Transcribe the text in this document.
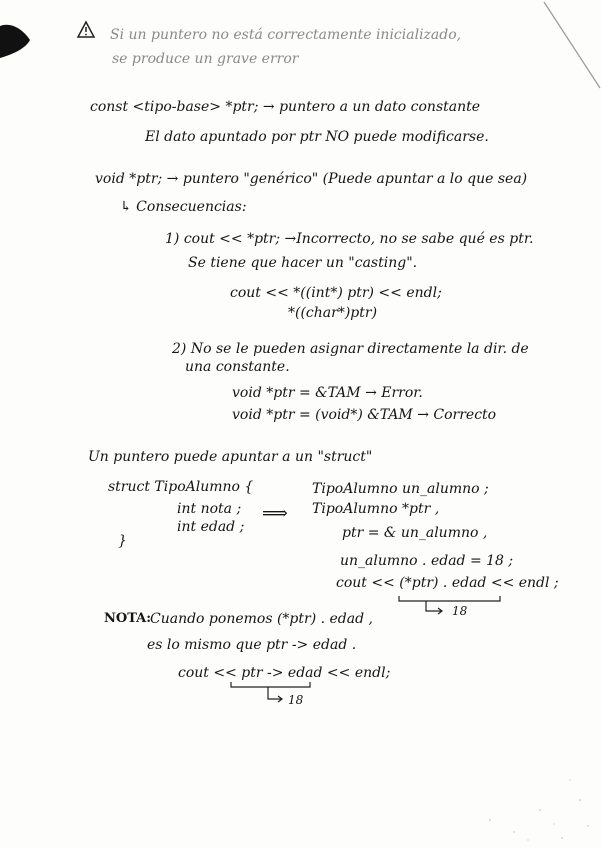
Si un puntero no está correctamente inicializado,
se produce un grave error
const <tipo-base> *ptr; → puntero a un dato constante
El dato apuntado por ptr NO puede modificarse.
void *ptr; → puntero "genérico" (Puede apuntar a lo que sea)
↳ Consecuencias:
1) cout << *ptr; →Incorrecto, no se sabe qué es ptr.
Se tiene que hacer un "casting".
cout << *((int*) ptr) << endl;
*((char*)ptr)
2) No se le pueden asignar directamente la dir. de
una constante.
void *ptr = &TAM → Error.
void *ptr = (void*) &TAM → Correcto
Un puntero puede apuntar a un "struct"
struct TipoAlumno {
int nota ;
int edad ;
}
⟹
TipoAlumno un_alumno ;
TipoAlumno *ptr ,
ptr = & un_alumno ,
un_alumno . edad = 18 ;
cout << (*ptr) . edad << endl ;
18
NOTA:
Cuando ponemos (*ptr) . edad ,
es lo mismo que ptr -> edad .
cout << ptr -> edad << endl;
18
